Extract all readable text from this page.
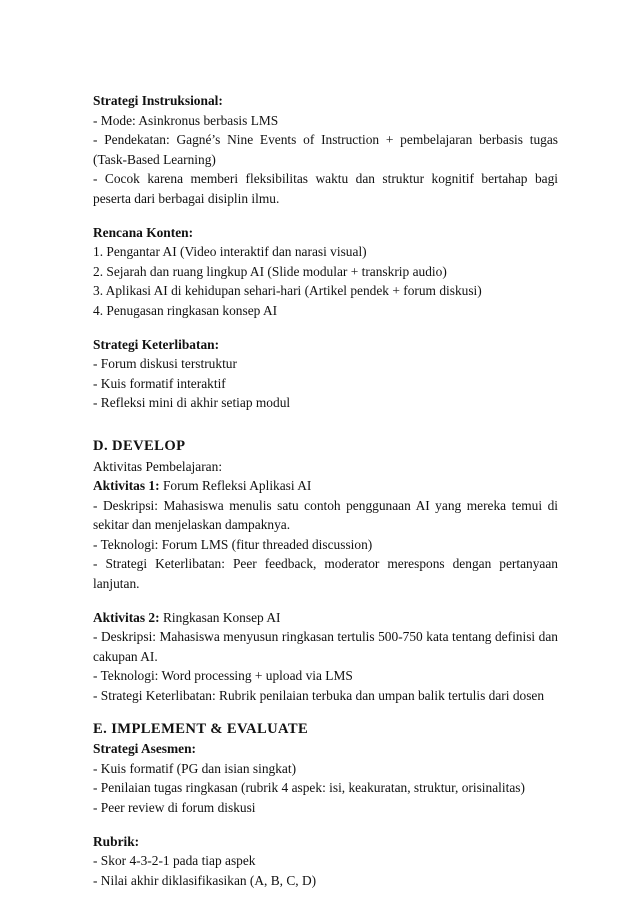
Strategi Instruksional:
- Mode: Asinkronus berbasis LMS
- Pendekatan: Gagné’s Nine Events of Instruction + pembelajaran berbasis tugas (Task-Based Learning)
- Cocok karena memberi fleksibilitas waktu dan struktur kognitif bertahap bagi peserta dari berbagai disiplin ilmu.
Rencana Konten:
1. Pengantar AI (Video interaktif dan narasi visual)
2. Sejarah dan ruang lingkup AI (Slide modular + transkrip audio)
3. Aplikasi AI di kehidupan sehari-hari (Artikel pendek + forum diskusi)
4. Penugasan ringkasan konsep AI
Strategi Keterlibatan:
- Forum diskusi terstruktur
- Kuis formatif interaktif
- Refleksi mini di akhir setiap modul
D. DEVELOP
Aktivitas Pembelajaran:
Aktivitas 1: Forum Refleksi Aplikasi AI
- Deskripsi: Mahasiswa menulis satu contoh penggunaan AI yang mereka temui di sekitar dan menjelaskan dampaknya.
- Teknologi: Forum LMS (fitur threaded discussion)
- Strategi Keterlibatan: Peer feedback, moderator merespons dengan pertanyaan lanjutan.
Aktivitas 2: Ringkasan Konsep AI
- Deskripsi: Mahasiswa menyusun ringkasan tertulis 500-750 kata tentang definisi dan cakupan AI.
- Teknologi: Word processing + upload via LMS
- Strategi Keterlibatan: Rubrik penilaian terbuka dan umpan balik tertulis dari dosen
E. IMPLEMENT & EVALUATE
Strategi Asesmen:
- Kuis formatif (PG dan isian singkat)
- Penilaian tugas ringkasan (rubrik 4 aspek: isi, keakuratan, struktur, orisinalitas)
- Peer review di forum diskusi
Rubrik:
- Skor 4-3-2-1 pada tiap aspek
- Nilai akhir diklasifikasikan (A, B, C, D)
